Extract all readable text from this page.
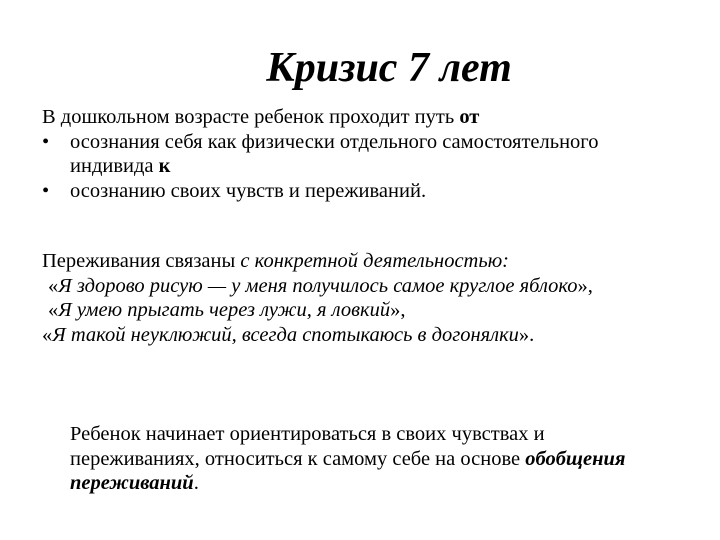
Кризис 7 лет
В дошкольном возрасте ребенок проходит путь от
• осознания себя как физически отдельного самостоятельного индивида к
• осознанию своих чувств и переживаний.
Переживания связаны с конкретной деятельностью:
«Я здорово рисую — у меня получилось самое круглое яблоко»,
«Я умею прыгать через лужи, я ловкий»,
«Я такой неуклюжий, всегда спотыкаюсь в догонялки».
Ребенок начинает ориентироваться в своих чувствах и переживаниях, относиться к самому себе на основе обобщения переживаний.
